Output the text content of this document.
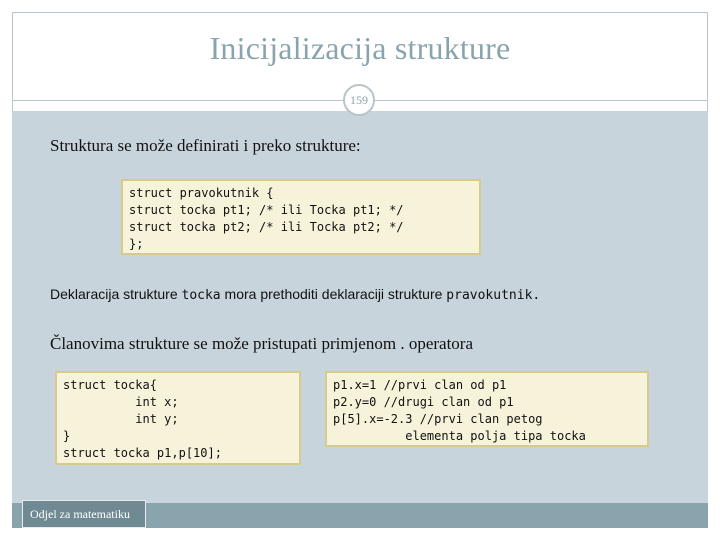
Inicijalizacija strukture
159
Struktura se može definirati i preko strukture:
struct pravokutnik {
struct tocka pt1; /* ili Tocka pt1; */
struct tocka pt2; /* ili Tocka pt2; */
};
Deklaracija strukture tocka mora prethoditi deklaraciji strukture pravokutnik.
Članovima strukture se može pristupati primjenom . operatora
struct tocka{
int x;
int y;
}
struct tocka p1,p[10];
p1.x=1 //prvi clan od p1
p2.y=0 //drugi clan od p1
p[5].x=-2.3 //prvi clan petog
elementa polja tipa tocka
Odjel za matematiku
